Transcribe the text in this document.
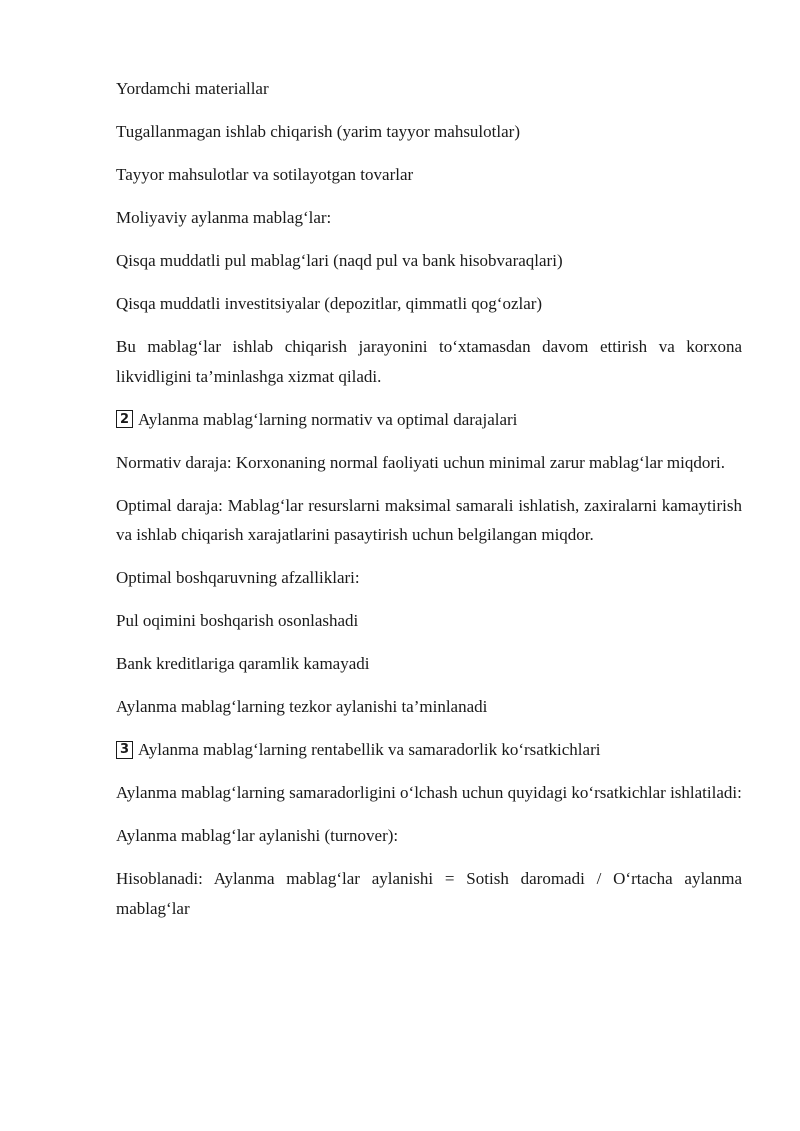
Yordamchi materiallar

Tugallanmagan ishlab chiqarish (yarim tayyor mahsulotlar)

Tayyor mahsulotlar va sotilayotgan tovarlar

Moliyaviy aylanma mablag‘lar:

Qisqa muddatli pul mablag‘lari (naqd pul va bank hisobvaraqlari)

Qisqa muddatli investitsiyalar (depozitlar, qimmatli qog‘ozlar)

Bu mablag‘lar ishlab chiqarish jarayonini to‘xtamasdan davom ettirish va korxona likvidligini ta’minlashga xizmat qiladi.

2 Aylanma mablag‘larning normativ va optimal darajalari

Normativ daraja: Korxonaning normal faoliyati uchun minimal zarur mablag‘lar miqdori.

Optimal daraja: Mablag‘lar resurslarni maksimal samarali ishlatish, zaxiralarni kamaytirish va ishlab chiqarish xarajatlarini pasaytirish uchun belgilangan miqdor.

Optimal boshqaruvning afzalliklari:

Pul oqimini boshqarish osonlashadi

Bank kreditlariga qaramlik kamayadi

Aylanma mablag‘larning tezkor aylanishi ta’minlanadi

3 Aylanma mablag‘larning rentabellik va samaradorlik ko‘rsatkichlari

Aylanma mablag‘larning samaradorligini o‘lchash uchun quyidagi ko‘rsatkichlar ishlatiladi:

Aylanma mablag‘lar aylanishi (turnover):

Hisoblanadi: Aylanma mablag‘lar aylanishi = Sotish daromadi / O‘rtacha aylanma mablag‘lar
